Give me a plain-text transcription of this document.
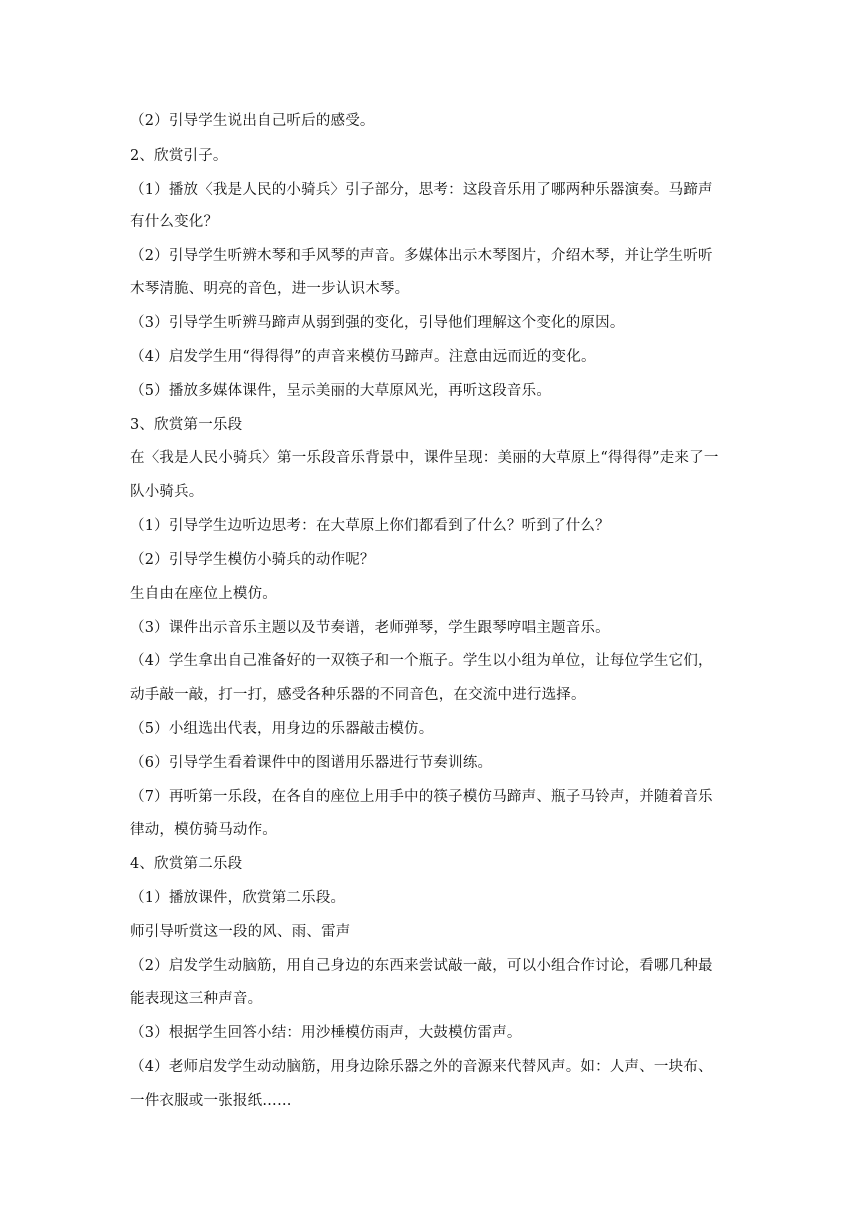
（2）引导学生说出自己听后的感受。
2、欣赏引子。
（1）播放〈我是人民的小骑兵〉引子部分，思考：这段音乐用了哪两种乐器演奏。马蹄声
有什么变化？
（2）引导学生听辨木琴和手风琴的声音。多媒体出示木琴图片，介绍木琴，并让学生听听
木琴清脆、明亮的音色，进一步认识木琴。
（3）引导学生听辨马蹄声从弱到强的变化，引导他们理解这个变化的原因。
（4）启发学生用“得得得”的声音来模仿马蹄声。注意由远而近的变化。
（5）播放多媒体课件，呈示美丽的大草原风光，再听这段音乐。
3、欣赏第一乐段
在〈我是人民小骑兵〉第一乐段音乐背景中，课件呈现：美丽的大草原上“得得得”走来了一
队小骑兵。
（1）引导学生边听边思考：在大草原上你们都看到了什么？听到了什么？
（2）引导学生模仿小骑兵的动作呢？
生自由在座位上模仿。
（3）课件出示音乐主题以及节奏谱，老师弹琴，学生跟琴哼唱主题音乐。
（4）学生拿出自己准备好的一双筷子和一个瓶子。学生以小组为单位，让每位学生它们，
动手敲一敲，打一打，感受各种乐器的不同音色，在交流中进行选择。
（5）小组选出代表，用身边的乐器敲击模仿。
（6）引导学生看着课件中的图谱用乐器进行节奏训练。
（7）再听第一乐段，在各自的座位上用手中的筷子模仿马蹄声、瓶子马铃声，并随着音乐
律动，模仿骑马动作。
4、欣赏第二乐段
（1）播放课件，欣赏第二乐段。
师引导听赏这一段的风、雨、雷声
（2）启发学生动脑筋，用自己身边的东西来尝试敲一敲，可以小组合作讨论，看哪几种最
能表现这三种声音。
（3）根据学生回答小结：用沙棰模仿雨声，大鼓模仿雷声。
（4）老师启发学生动动脑筋，用身边除乐器之外的音源来代替风声。如：人声、一块布、
一件衣服或一张报纸……
